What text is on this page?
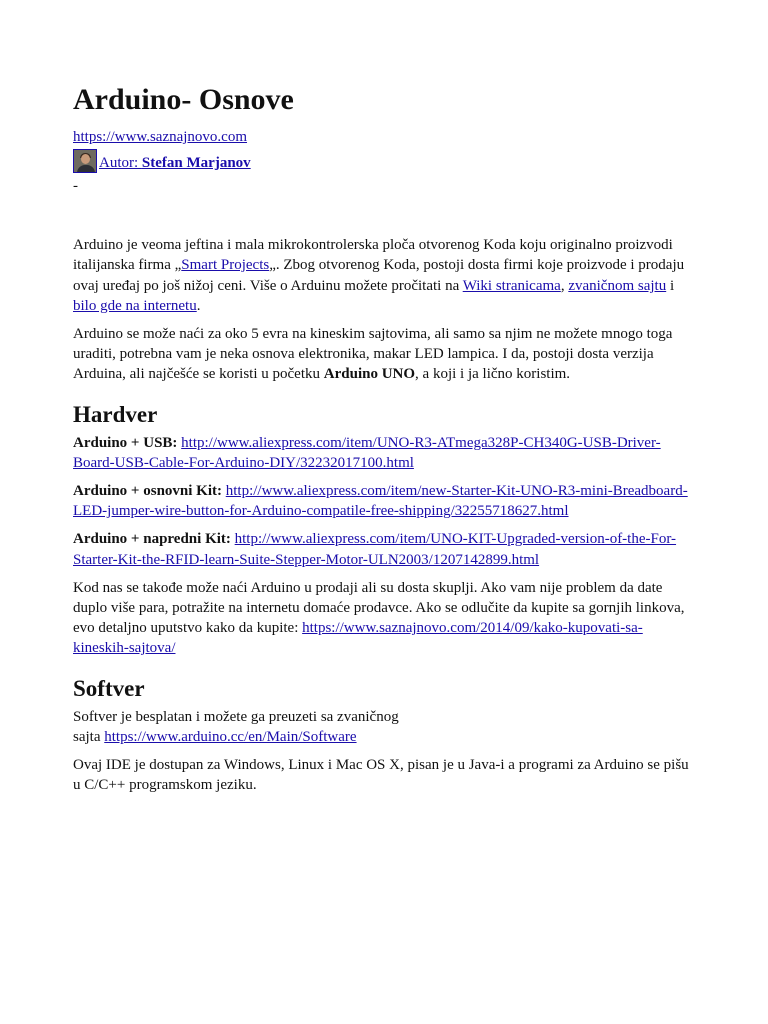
Arduino- Osnove

https://www.saznajnovo.com

Autor: Stefan Marjanov

-

Arduino je veoma jeftina i mala mikrokontrolerska ploča otvorenog Koda koju originalno proizvodi italijanska firma „Smart Projects„. Zbog otvorenog Koda, postoji dosta firmi koje proizvode i prodaju ovaj uređaj po još nižoj ceni. Više o Arduinu možete pročitati na Wiki stranicama, zvaničnom sajtu i bilo gde na internetu.

Arduino se može naći za oko 5 evra na kineskim sajtovima, ali samo sa njim ne možete mnogo toga uraditi, potrebna vam je neka osnova elektronika, makar LED lampica. I da, postoji dosta verzija Arduina, ali najčešće se koristi u početku Arduino UNO, a koji i ja lično koristim.

Hardver

Arduino + USB: http://www.aliexpress.com/item/UNO-R3-ATmega328P-CH340G-USB-Driver-Board-USB-Cable-For-Arduino-DIY/32232017100.html

Arduino + osnovni Kit: http://www.aliexpress.com/item/new-Starter-Kit-UNO-R3-mini-Breadboard-LED-jumper-wire-button-for-Arduino-compatile-free-shipping/32255718627.html

Arduino + napredni Kit: http://www.aliexpress.com/item/UNO-KIT-Upgraded-version-of-the-For-Starter-Kit-the-RFID-learn-Suite-Stepper-Motor-ULN2003/1207142899.html

Kod nas se takođe može naći Arduino u prodaji ali su dosta skuplji. Ako vam nije problem da date duplo više para, potražite na internetu domaće prodavce. Ako se odlučite da kupite sa gornjih linkova, evo detaljno uputstvo kako da kupite: https://www.saznajnovo.com/2014/09/kako-kupovati-sa-kineskih-sajtova/

Softver

Softver je besplatan i možete ga preuzeti sa zvaničnog
sajta https://www.arduino.cc/en/Main/Software

Ovaj IDE je dostupan za Windows, Linux i Mac OS X, pisan je u Java-i a programi za Arduino se pišu u C/C++ programskom jeziku.
